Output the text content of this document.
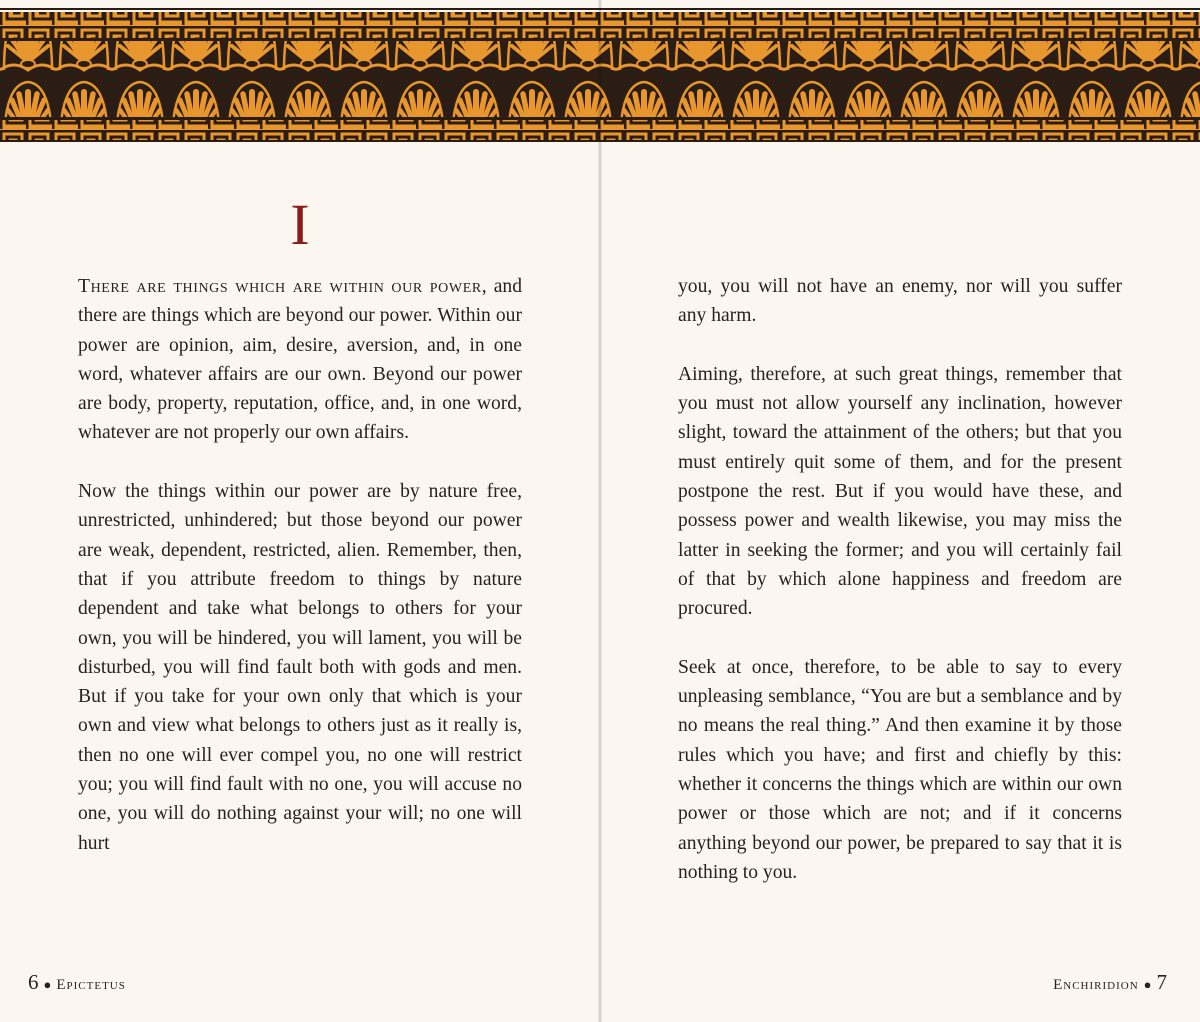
I

There are things which are within our power, and there are things which are beyond our power. Within our power are opinion, aim, desire, aversion, and, in one word, whatever affairs are our own. Beyond our power are body, property, reputation, office, and, in one word, whatever are not properly our own affairs.

Now the things within our power are by nature free, unrestricted, unhindered; but those beyond our power are weak, dependent, restricted, alien. Remember, then, that if you attribute freedom to things by nature dependent and take what belongs to others for your own, you will be hindered, you will lament, you will be disturbed, you will find fault both with gods and men. But if you take for your own only that which is your own and view what belongs to others just as it really is, then no one will ever compel you, no one will restrict you; you will find fault with no one, you will accuse no one, you will do nothing against your will; no one will hurt

6 ● Epictetus

you, you will not have an enemy, nor will you suffer any harm.

Aiming, therefore, at such great things, remember that you must not allow yourself any inclination, however slight, toward the attainment of the others; but that you must entirely quit some of them, and for the present postpone the rest. But if you would have these, and possess power and wealth likewise, you may miss the latter in seeking the former; and you will certainly fail of that by which alone happiness and freedom are procured.

Seek at once, therefore, to be able to say to every unpleasing semblance, “You are but a semblance and by no means the real thing.” And then examine it by those rules which you have; and first and chiefly by this: whether it concerns the things which are within our own power or those which are not; and if it concerns anything beyond our power, be prepared to say that it is nothing to you.

Enchiridion ● 7
